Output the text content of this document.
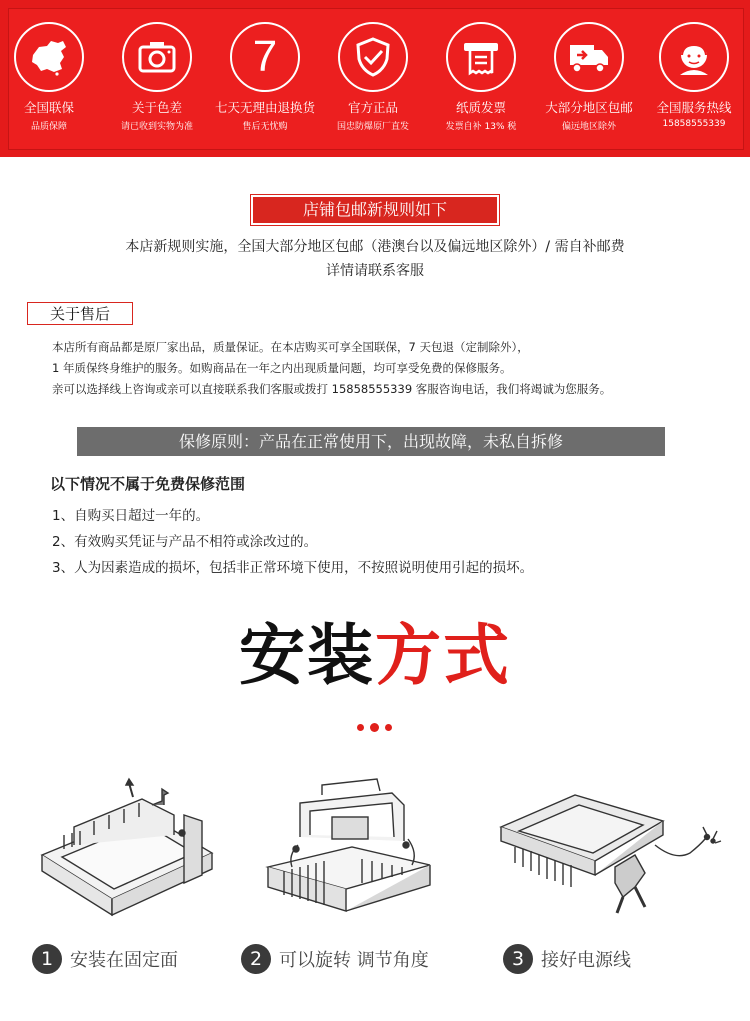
全国联保
品质保障
关于色差
请已收到实物为准
7
七天无理由退换货
售后无忧购
官方正品
国忠防爆原厂直发
纸质发票
发票自补 13% 税
大部分地区包邮
偏远地区除外
全国服务热线
15858555339
店铺包邮新规则如下
本店新规则实施，全国大部分地区包邮（港澳台以及偏远地区除外）/ 需自补邮费
详情请联系客服
关于售后
本店所有商品都是原厂家出品，质量保证。在本店购买可享全国联保，7 天包退（定制除外），
1 年质保终身维护的服务。如购商品在一年之内出现质量问题，均可享受免费的保修服务。
亲可以选择线上咨询或亲可以直接联系我们客服或拨打 15858555339 客服咨询电话，我们将竭诚为您服务。
保修原则：产品在正常使用下，出现故障，未私自拆修
以下情况不属于免费保修范围
1、自购买日超过一年的。
2、有效购买凭证与产品不相符或涂改过的。
3、人为因素造成的损坏，包括非正常环境下使用，不按照说明使用引起的损坏。
安装方式
1 安装在固定面	2 可以旋转 调节角度	3 接好电源线
